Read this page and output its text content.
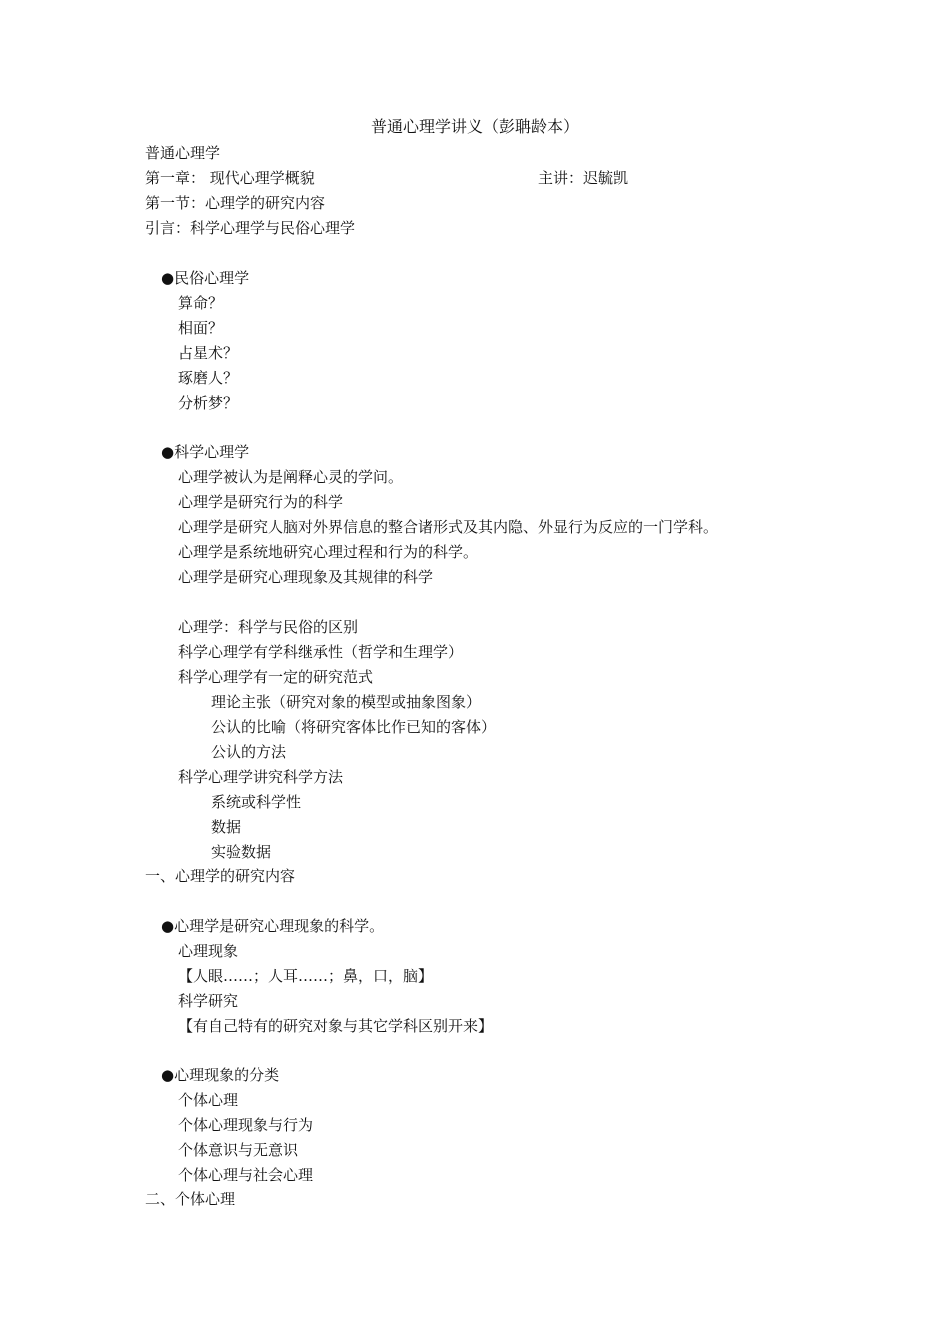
普通心理学讲义（彭聃龄本）
普通心理学
第一章： 现代心理学概貌	主讲：迟毓凯
第一节：心理学的研究内容
引言：科学心理学与民俗心理学
●民俗心理学
算命？
相面？
占星术？
琢磨人？
分析梦？
●科学心理学
心理学被认为是阐释心灵的学问。
心理学是研究行为的科学
心理学是研究人脑对外界信息的整合诸形式及其内隐、外显行为反应的一门学科。
心理学是系统地研究心理过程和行为的科学。
心理学是研究心理现象及其规律的科学
心理学：科学与民俗的区别
科学心理学有学科继承性（哲学和生理学）
科学心理学有一定的研究范式
理论主张（研究对象的模型或抽象图象）
公认的比喻（将研究客体比作已知的客体）
公认的方法
科学心理学讲究科学方法
系统或科学性
数据
实验数据
一、心理学的研究内容
●心理学是研究心理现象的科学。
心理现象
【人眼……；人耳……；鼻，口，脑】
科学研究
【有自己特有的研究对象与其它学科区别开来】
●心理现象的分类
个体心理
个体心理现象与行为
个体意识与无意识
个体心理与社会心理
二、个体心理
